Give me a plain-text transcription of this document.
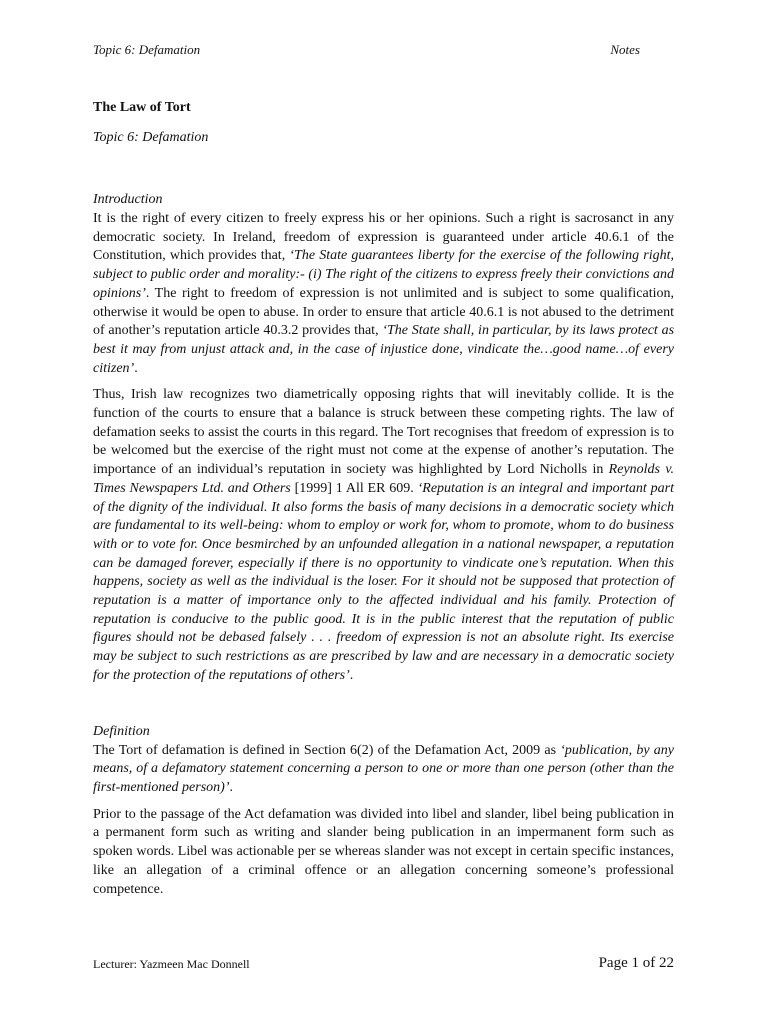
Topic 6: Defamation	Notes
The Law of Tort
Topic 6: Defamation
Introduction

It is the right of every citizen to freely express his or her opinions. Such a right is sacrosanct in any democratic society. In Ireland, freedom of expression is guaranteed under article 40.6.1 of the Constitution, which provides that, ‘The State guarantees liberty for the exercise of the following right, subject to public order and morality:- (i) The right of the citizens to express freely their convictions and opinions’. The right to freedom of expression is not unlimited and is subject to some qualification, otherwise it would be open to abuse. In order to ensure that article 40.6.1 is not abused to the detriment of another’s reputation article 40.3.2 provides that, ‘The State shall, in particular, by its laws protect as best it may from unjust attack and, in the case of injustice done, vindicate the…good name…of every citizen’.

Thus, Irish law recognizes two diametrically opposing rights that will inevitably collide. It is the function of the courts to ensure that a balance is struck between these competing rights. The law of defamation seeks to assist the courts in this regard. The Tort recognises that freedom of expression is to be welcomed but the exercise of the right must not come at the expense of another’s reputation. The importance of an individual’s reputation in society was highlighted by Lord Nicholls in Reynolds v. Times Newspapers Ltd. and Others [1999] 1 All ER 609. ‘Reputation is an integral and important part of the dignity of the individual. It also forms the basis of many decisions in a democratic society which are fundamental to its well-being: whom to employ or work for, whom to promote, whom to do business with or to vote for. Once besmirched by an unfounded allegation in a national newspaper, a reputation can be damaged forever, especially if there is no opportunity to vindicate one’s reputation. When this happens, society as well as the individual is the loser. For it should not be supposed that protection of reputation is a matter of importance only to the affected individual and his family. Protection of reputation is conducive to the public good. It is in the public interest that the reputation of public figures should not be debased falsely . . . freedom of expression is not an absolute right. Its exercise may be subject to such restrictions as are prescribed by law and are necessary in a democratic society for the protection of the reputations of others’.

Definition

The Tort of defamation is defined in Section 6(2) of the Defamation Act, 2009 as ‘publication, by any means, of a defamatory statement concerning a person to one or more than one person (other than the first-mentioned person)’.

Prior to the passage of the Act defamation was divided into libel and slander, libel being publication in a permanent form such as writing and slander being publication in an impermanent form such as spoken words. Libel was actionable per se whereas slander was not except in certain specific instances, like an allegation of a criminal offence or an allegation concerning someone’s professional competence.

Lecturer: Yazmeen Mac Donnell	Page 1 of 22
